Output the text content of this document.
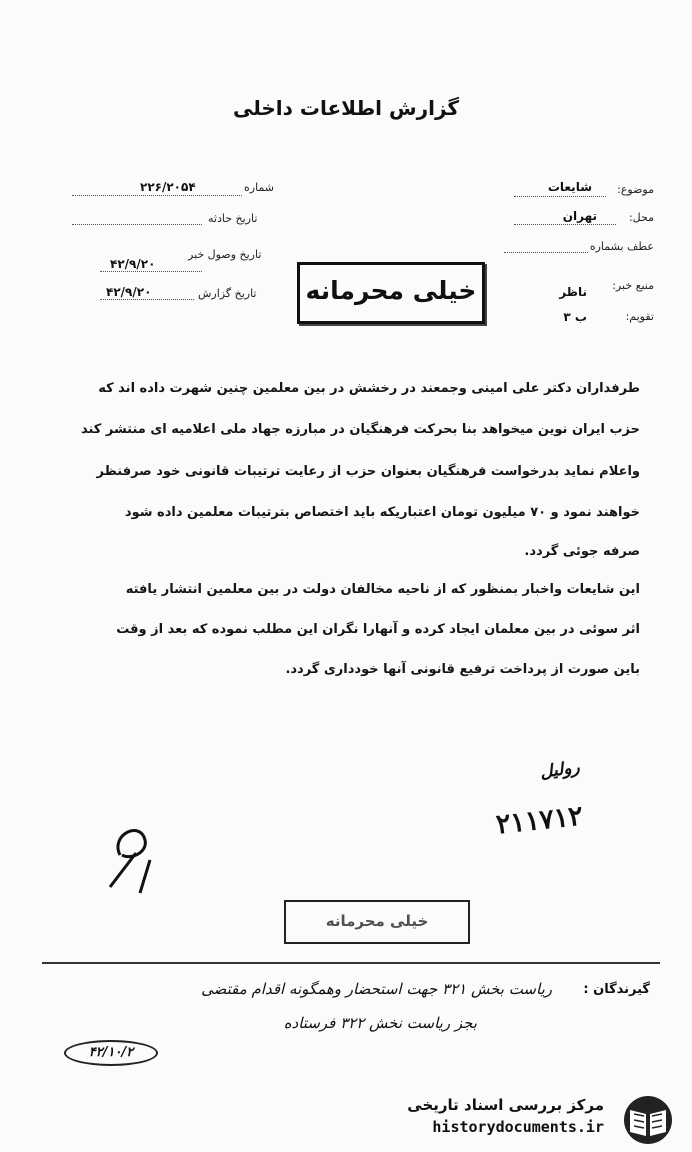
گزارش اطلاعات داخلی
موضوع:
شایعات
محل:
تهران
عطف بشماره
منبع خبر:
ناظر
تقویم:
ب ۳
شماره
۲۲۶/۲۰۵۴
تاریخ حادثه
تاریخ وصول خبر
۴۲/۹/۲۰
تاریخ گزارش
۴۲/۹/۲۰	خیلی محرمانه
طرفداران دکتر علی امینی وجمعند در رخشش در بین معلمین چنین شهرت داده اند که
حزب ایران نوین میخواهد بنا بحرکت فرهنگیان در مبارزه جهاد ملی اعلامیه ای منتشر کند
واعلام نماید بدرخواست فرهنگیان بعنوان حزب از رعایت ترتیبات قانونی خود صرفنظر
خواهند نمود و ۷۰ میلیون تومان اعتباریکه باید اختصاص بترتیبات معلمین داده شود
صرفه جوئی گردد.
این شایعات واخبار بمنظور که از ناحیه مخالفان دولت در بین معلمین انتشار یافته
اثر سوئی در بین معلمان ایجاد کرده و آنهارا نگران این مطلب نموده که بعد از وقت
باین صورت از پرداخت ترفیع قانونی آنها خودداری گردد.
رولیل
۲۱۱۷۱۲
خیلی محرمانه
گیرندگان :
ریاست بخش ۳۲۱ جهت استحضار وهمگونه اقدام مقتضی
بجز ریاست نخش ۳۲۲ فرستاده
۴۲/۱۰/۲
مرکز بررسی اسناد تاریخی
historydocuments.ir
